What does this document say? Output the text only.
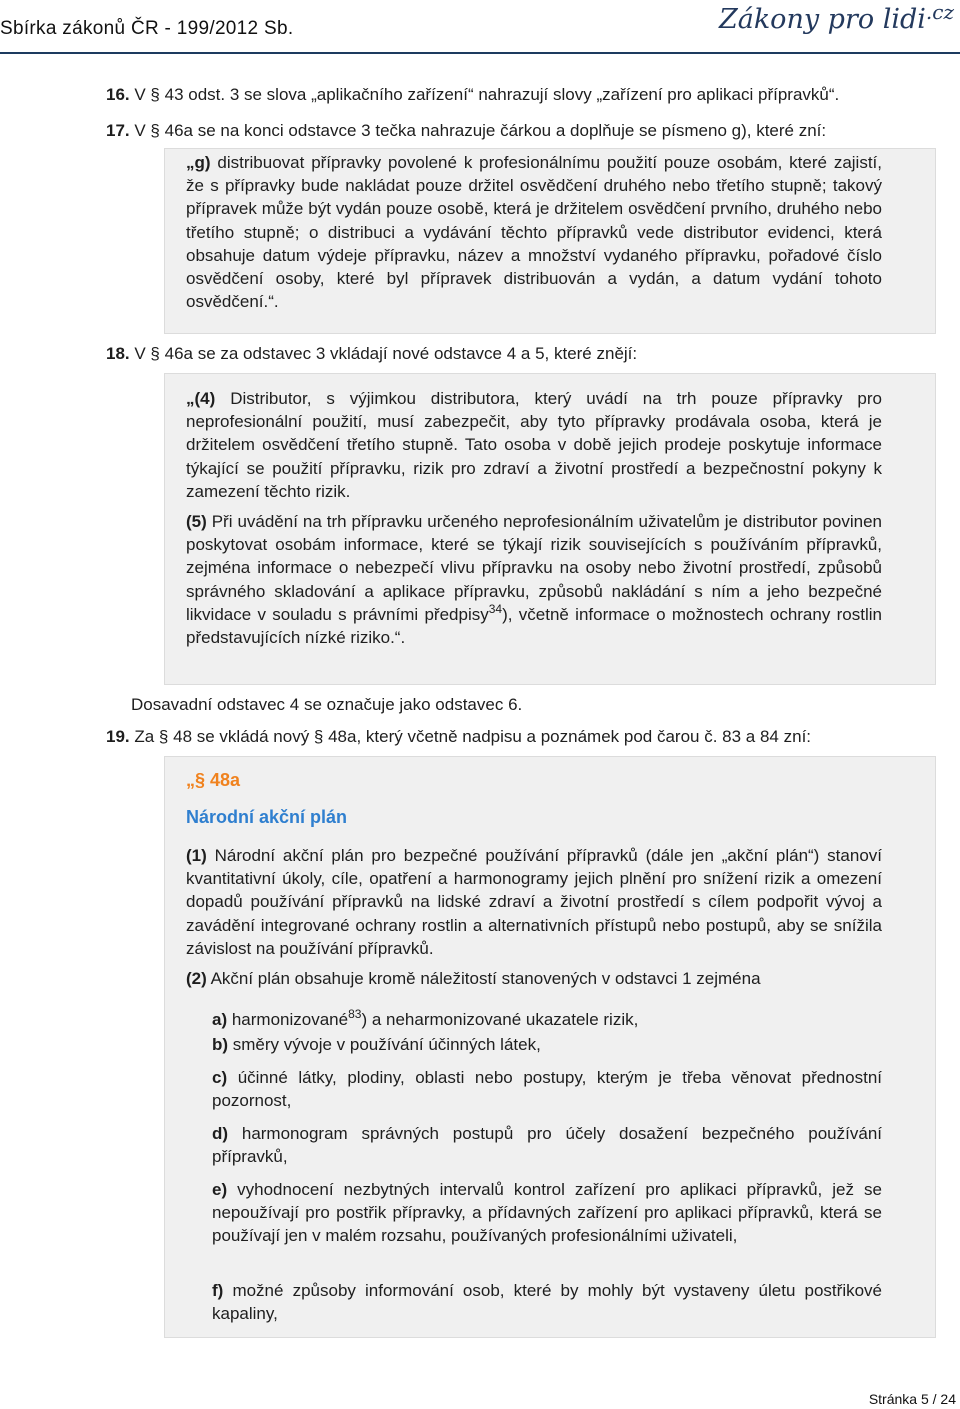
Sbírka zákonů ČR - 199/2012 Sb.	Zákony pro lidi$^{.cz}$
16. V § 43 odst. 3 se slova „aplikačního zařízení“ nahrazují slovy „zařízení pro aplikaci přípravků“.
17. V § 46a se na konci odstavce 3 tečka nahrazuje čárkou a doplňuje se písmeno g), které zní:

„g) distribuovat přípravky povolené k profesionálnímu použití pouze osobám, které zajistí, že s přípravky bude nakládat pouze držitel osvědčení druhého nebo třetího stupně; takový přípravek může být vydán pouze osobě, která je držitelem osvědčení prvního, druhého nebo třetího stupně; o distribuci a vydávání těchto přípravků vede distributor evidenci, která obsahuje datum výdeje přípravku, název a množství vydaného přípravku, pořadové číslo osvědčení osoby, které byl přípravek distribuován a vydán, a datum vydání tohoto osvědčení.“.

18. V § 46a se za odstavec 3 vkládají nové odstavce 4 a 5, které znějí:

„(4) Distributor, s výjimkou distributora, který uvádí na trh pouze přípravky pro neprofesionální použití, musí zabezpečit, aby tyto přípravky prodávala osoba, která je držitelem osvědčení třetího stupně. Tato osoba v době jejich prodeje poskytuje informace týkající se použití přípravku, rizik pro zdraví a životní prostředí a bezpečnostní pokyny k zamezení těchto rizik.

(5) Při uvádění na trh přípravku určeného neprofesionálním uživatelům je distributor povinen poskytovat osobám informace, které se týkají rizik souvisejících s používáním přípravků, zejména informace o nebezpečí vlivu přípravku na osoby nebo životní prostředí, způsobů správného skladování a aplikace přípravku, způsobů nakládání s ním a jeho bezpečné likvidace v souladu s právními předpisy$^{34}$), včetně informace o možnostech ochrany rostlin představujících nízké riziko.“.

Dosavadní odstavec 4 se označuje jako odstavec 6.
19. Za § 48 se vkládá nový § 48a, který včetně nadpisu a poznámek pod čarou č. 83 a 84 zní:
„§ 48a
Národní akční plán

(1) Národní akční plán pro bezpečné používání přípravků (dále jen „akční plán“) stanoví kvantitativní úkoly, cíle, opatření a harmonogramy jejich plnění pro snížení rizik a omezení dopadů používání přípravků na lidské zdraví a životní prostředí s cílem podpořit vývoj a zavádění integrované ochrany rostlin a alternativních přístupů nebo postupů, aby se snížila závislost na používání přípravků.

(2) Akční plán obsahuje kromě náležitostí stanovených v odstavci 1 zejména

a) harmonizované$^{83}$) a neharmonizované ukazatele rizik,

b) směry vývoje v používání účinných látek,

c) účinné látky, plodiny, oblasti nebo postupy, kterým je třeba věnovat přednostní pozornost,

d) harmonogram správných postupů pro účely dosažení bezpečného používání přípravků,

e) vyhodnocení nezbytných intervalů kontrol zařízení pro aplikaci přípravků, jež se nepoužívají pro postřik přípravky, a přídavných zařízení pro aplikaci přípravků, která se používají jen v malém rozsahu, používaných profesionálními uživateli,

f) možné způsoby informování osob, které by mohly být vystaveny úletu postřikové kapaliny,

Stránka 5 / 24
